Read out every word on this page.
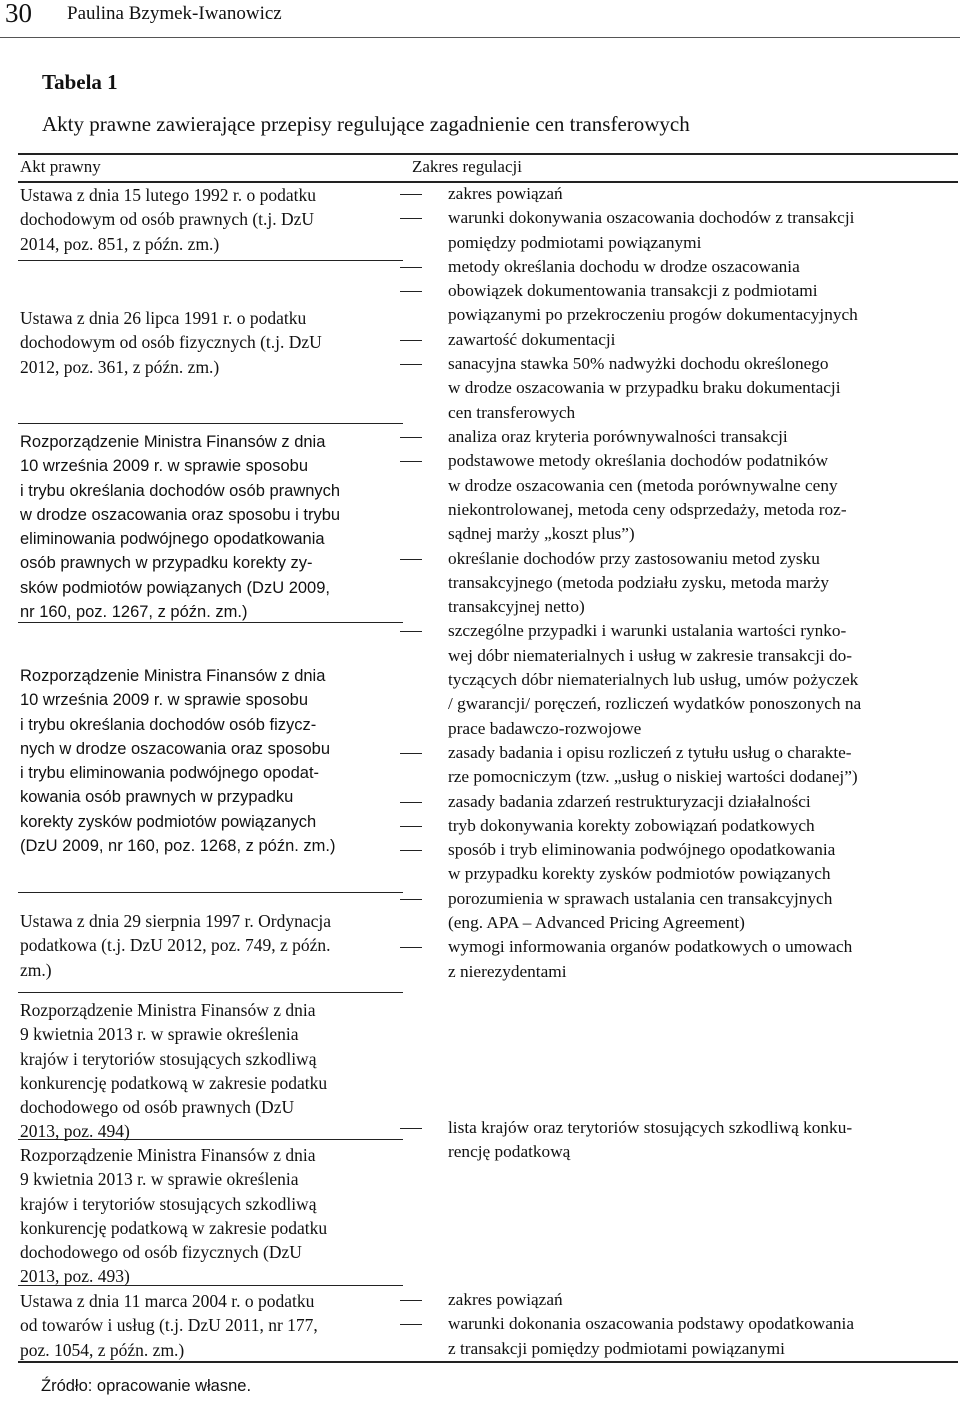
30 Paulina Bzymek-Iwanowicz
Tabela 1
Akty prawne zawierające przepisy regulujące zagadnienie cen transferowych
Akt prawny	Zakres regulacji
Ustawa z dnia 15 lutego 1992 r. o podatku
dochodowym od osób prawnych (t.j. DzU
2014, poz. 851, z późn. zm.)
Ustawa z dnia 26 lipca 1991 r. o podatku
dochodowym od osób fizycznych (t.j. DzU
2012, poz. 361, z późn. zm.)
Rozporządzenie Ministra Finansów z dnia
10 września 2009 r. w sprawie sposobu
i trybu określania dochodów osób prawnych
w drodze oszacowania oraz sposobu i trybu
eliminowania podwójnego opodatkowania
osób prawnych w przypadku korekty zy-
sków podmiotów powiązanych (DzU 2009,
nr 160, poz. 1267, z późn. zm.)
Rozporządzenie Ministra Finansów z dnia
10 września 2009 r. w sprawie sposobu
i trybu określania dochodów osób fizycz-
nych w drodze oszacowania oraz sposobu
i trybu eliminowania podwójnego opodat-
kowania osób prawnych w przypadku
korekty zysków podmiotów powiązanych
(DzU 2009, nr 160, poz. 1268, z późn. zm.)
Ustawa z dnia 29 sierpnia 1997 r. Ordynacja
podatkowa (t.j. DzU 2012, poz. 749, z późn.
zm.)
Rozporządzenie Ministra Finansów z dnia
9 kwietnia 2013 r. w sprawie określenia
krajów i terytoriów stosujących szkodliwą
konkurencję podatkową w zakresie podatku
dochodowego od osób prawnych (DzU
2013, poz. 494)
Rozporządzenie Ministra Finansów z dnia
9 kwietnia 2013 r. w sprawie określenia
krajów i terytoriów stosujących szkodliwą
konkurencję podatkową w zakresie podatku
dochodowego od osób fizycznych (DzU
2013, poz. 493)
Ustawa z dnia 11 marca 2004 r. o podatku
od towarów i usług (t.j. DzU 2011, nr 177,
poz. 1054, z późn. zm.)
zakres powiązań
warunki dokonywania oszacowania dochodów z transakcji
pomiędzy podmiotami powiązanymi
metody określania dochodu w drodze oszacowania
obowiązek dokumentowania transakcji z podmiotami
powiązanymi po przekroczeniu progów dokumentacyjnych
zawartość dokumentacji
sanacyjna stawka 50% nadwyżki dochodu określonego
w drodze oszacowania w przypadku braku dokumentacji
cen transferowych
analiza oraz kryteria porównywalności transakcji
podstawowe metody określania dochodów podatników
w drodze oszacowania cen (metoda porównywalne ceny
niekontrolowanej, metoda ceny odsprzedaży, metoda roz-
sądnej marży „koszt plus”)
określanie dochodów przy zastosowaniu metod zysku
transakcyjnego (metoda podziału zysku, metoda marży
transakcyjnej netto)
szczególne przypadki i warunki ustalania wartości rynko-
wej dóbr niematerialnych i usług w zakresie transakcji do-
tyczących dóbr niematerialnych lub usług, umów pożyczek
/ gwarancji/ poręczeń, rozliczeń wydatków ponoszonych na
prace badawczo-rozwojowe
zasady badania i opisu rozliczeń z tytułu usług o charakte-
rze pomocniczym (tzw. „usług o niskiej wartości dodanej”)
zasady badania zdarzeń restrukturyzacji działalności
tryb dokonywania korekty zobowiązań podatkowych
sposób i tryb eliminowania podwójnego opodatkowania
w przypadku korekty zysków podmiotów powiązanych
porozumienia w sprawach ustalania cen transakcyjnych
(eng. APA – Advanced Pricing Agreement)
wymogi informowania organów podatkowych o umowach
z nierezydentami
lista krajów oraz terytoriów stosujących szkodliwą konku-
rencję podatkową
zakres powiązań
warunki dokonania oszacowania podstawy opodatkowania
z transakcji pomiędzy podmiotami powiązanymi
Źródło: opracowanie własne.
